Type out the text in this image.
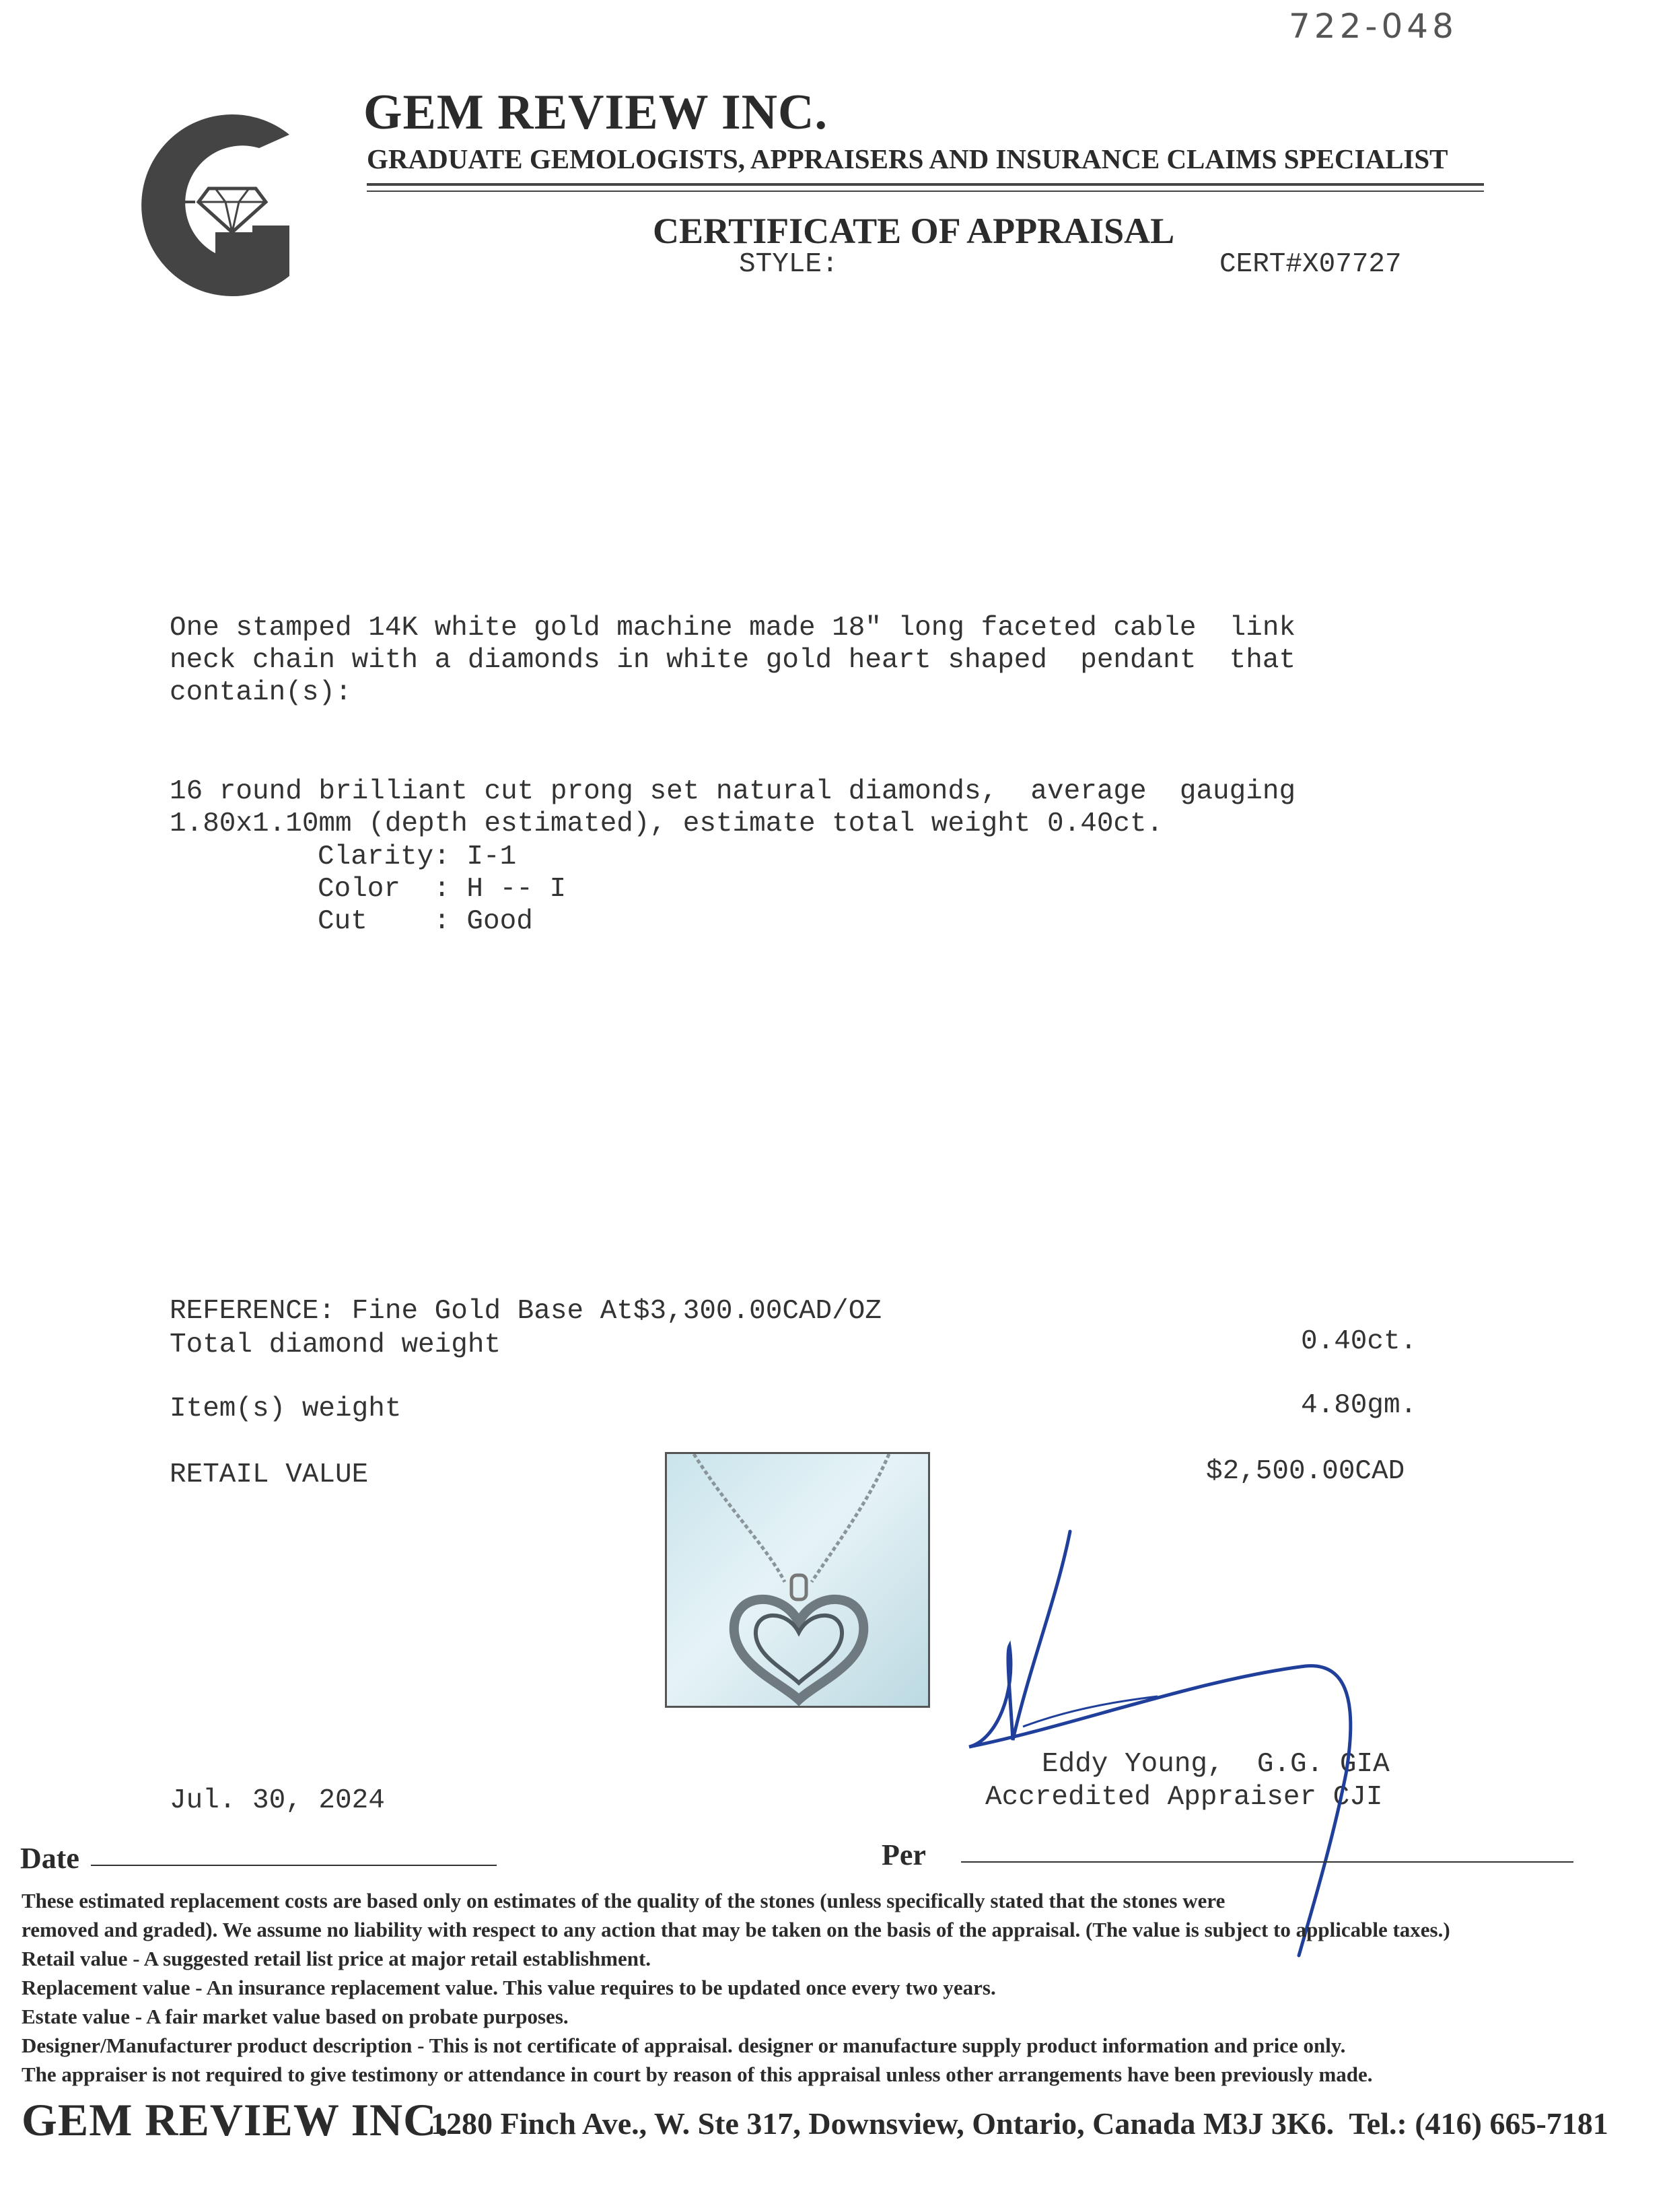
722-048
GEM REVIEW INC.
GRADUATE GEMOLOGISTS, APPRAISERS AND INSURANCE CLAIMS SPECIALIST
CERTIFICATE OF APPRAISAL
STYLE:	CERT#X07727
One stamped 14K white gold machine made 18" long faceted cable  link
neck chain with a diamonds in white gold heart shaped  pendant  that
contain(s):
16 round brilliant cut prong set natural diamonds,  average  gauging
1.80x1.10mm (depth estimated), estimate total weight 0.40ct.
Clarity: I-1
Color  : H -- I
Cut    : Good
REFERENCE: Fine Gold Base At$3,300.00CAD/OZ
Total diamond weight	0.40ct.
Item(s) weight	4.80gm.
RETAIL VALUE	$2,500.00CAD
Eddy Young,  G.G. GIA
Accredited Appraiser CJI
Jul. 30, 2024
Date	Per
These estimated replacement costs are based only on estimates of the quality of the stones (unless specifically stated that the stones were
removed and graded). We assume no liability with respect to any action that may be taken on the basis of the appraisal. (The value is subject to applicable taxes.)
Retail value - A suggested retail list price at major retail establishment.
Replacement value - An insurance replacement value. This value requires to be updated once every two years.
Estate value - A fair market value based on probate purposes.
Designer/Manufacturer product description - This is not certificate of appraisal. designer or manufacture supply product information and price only.
The appraiser is not required to give testimony or attendance in court by reason of this appraisal unless other arrangements have been previously made.
GEM REVIEW INC.
1280 Finch Ave., W. Ste 317, Downsview, Ontario, Canada M3J 3K6.  Tel.: (416) 665-7181
